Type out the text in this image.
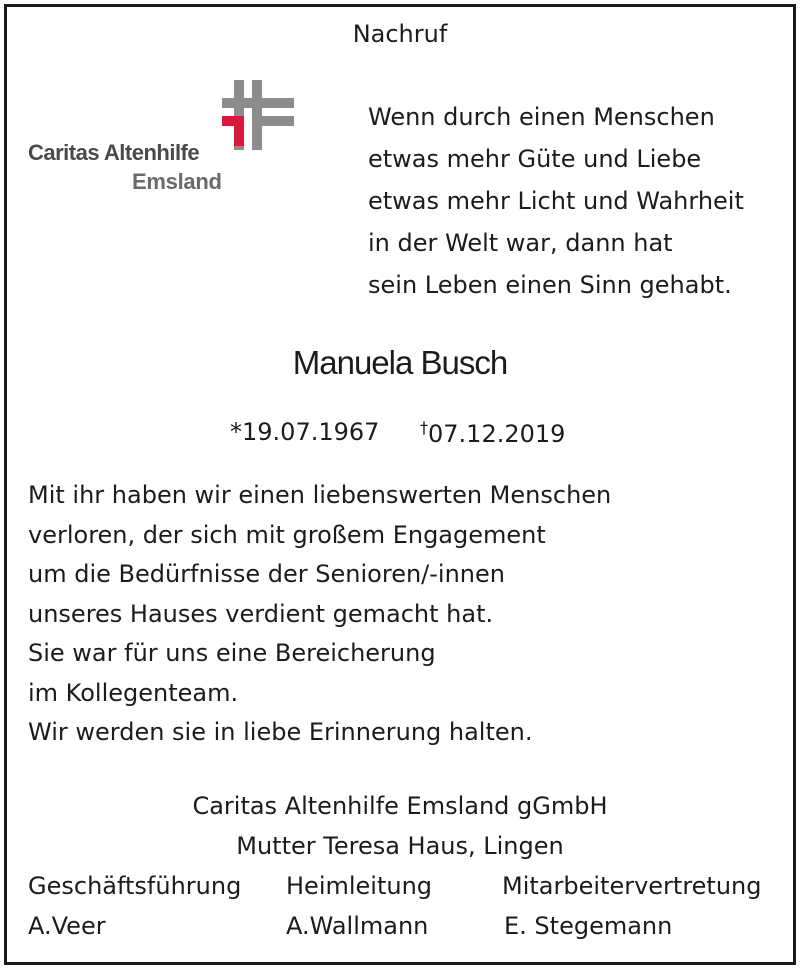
Nachruf
Caritas Altenhilfe
Emsland
Wenn durch einen Menschen
etwas mehr Güte und Liebe
etwas mehr Licht und Wahrheit
in der Welt war, dann hat
sein Leben einen Sinn gehabt.
Manuela Busch
*19.07.1967	†07.12.2019
Mit ihr haben wir einen liebenswerten Menschen
verloren, der sich mit großem Engagement
um die Bedürfnisse der Senioren/-innen
unseres Hauses verdient gemacht hat.
Sie war für uns eine Bereicherung
im Kollegenteam.
Wir werden sie in liebe Erinnerung halten.
Caritas Altenhilfe Emsland gGmbH
Mutter Teresa Haus, Lingen
Geschäftsführung Heimleitung	Mitarbeitervertretung
A.Veer	A.Wallmann	E. Stegemann
